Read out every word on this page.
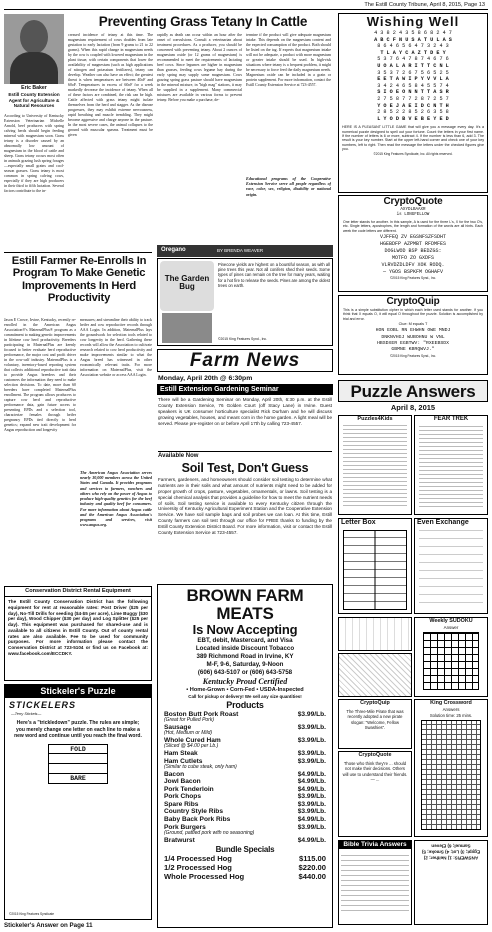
The Estill County Tribune, April 8, 2015, Page 13
Eric Baker
Estill County Extension Agent for Agriculture & Natural Resources
According to University of Kentucky Extension Veterinarian Michelle Arnold, beef producers with spring calving herds should begin feeding mineral with magnesium soon. Grass tetany is a disorder caused by an abnormally low amount of magnesium in the blood of cattle and sheep. Grass tetany occurs most often in animals grazing lush spring forages—especially small grains and cool-season grasses. Grass tetany is most common in spring calving cows, especially if they are high producers in their third to fifth lactation. Several factors contribute to the in-
Preventing Grass Tetany In Cattle
creased incidence of tetany at this time. The magnesium requirement of cows doubles from late gestation to early lactation (from 9 grams to 21 to 22 grams). When this rapid change in magnesium needs by the cow is coupled with lowered magnesium in the plant tissue, with certain components that lower the availability of magnesium (such as high applications of nitrogen and potassium fertilizers), tetany can develop. Weather can also have an effect; the greatest threat is when temperatures are between 40oF and 60oF. Temperatures in excess of 60oF for a week markedly decrease the incidence of tetany. When all of these factors are combined, the risk can be high. Cattle affected with grass tetany might isolate themselves from the herd and stagger. As the disease progresses, they may exhibit extreme nervousness, rapid breathing and muscle trembling. They might become aggressive and charge anyone in the pasture. In the most severe cases, the animal collapses to the ground with muscular spasms. Treatment must be given
rapidly as death can occur within an hour after the onset of convulsions. Consult a veterinarian about treatment procedures. As a producer, you should be concerned with preventing tetany. About 2 ounces of magnesium oxide (or 12 grams of magnesium) is recommended to meet the requirements of lactating beef cows. Since legumes are higher in magnesium than grasses, feeding cows legume hay during the early spring may supply some magnesium. Cows grazing spring grass pasture should have magnesium in the mineral mixture, in "high mag" stations, it may be supplied in a supplement. Many commercial mixtures are available in various forms to prevent tetany. Before you make a purchase, de-
termine if the product will give adequate magnesium intake. This depends on the magnesium content and the expected consumption of the product. Both should be listed on the tag. If experts that magnesium intake will not be adequate, a product with more magnesium or greater intake should be used. In high-risk situations where tetany is a frequent problem, it might be necessary to force feed the daily magnesium needs. Magnesium oxide can be included in a grain or protein supplement. For more information, contact the Estill County Extension Service at 723-4557.
Educational programs of the Cooperative Extension Service serve all people regardless of race, color, sex, religion, disability or national origin.
Oregano	BY BRENDA WEAVER
The Garden Bug
Pinecone yields are highest on a bountiful season, as with all pine trees this year. Not all conifers shed their seeds. Some types of pines can remain on the tree for many years, waiting for a hot fire to release the seeds. Pines are among the oldest trees on earth.
©2015 King Features Synd., Inc.
Wishing Well
4 3 8 2 4 3 5 8 6 8 2 4 7
A B C F N U S A T U L A S
8 6 4 6 5 6 4 7 3 2 4 3
T L A Y C A Z T D E Y
5 3 7 6 4 7 8 7 4 6 7 6
U O A L A R I T T C N L
3 5 3 7 2 6 7 5 6 5 2 5
E E T A W I P Y V V L A
3 4 2 4 6 5 8 4 5 5 7 4
S I O E O N N T T A S R
2 7 5 8 7 7 2 8 7 2 5 7
Y O E J A E I D C N T H
2 8 5 2 2 8 5 2 6 3 5 8
L Y O D B V E B E Y E D
HERE IS A PLEASANT LITTLE GAME that will give you a message every day. It's a numerical puzzle designed to spell out your fortune. Count the letters in your first name. If the number of letters is 6 or more, subtract 4. If the number is less than 6, add 3. The result is your key number. Start at the upper left-hand corner and check one of your key numbers, left to right. Then read the message the letters under the checked figures give you.
©2015 King Features Syndicate, Inc. All rights reserved.
CryptoQuote
AXYDLBAAXR
is LONGFELLOW
One letter stands for another. In this sample, A is used for the three L's, X for the two O's, etc. Single letters, apostrophes, the length and formation of the words are all hints. Each week the code letters are different.
VJFFEQ ZV EGSNFSZFSDHT
HGEBDFP AZPMBT RFDMFES
DOGLWOD BSP BEDZGS:
MOTFO ZO GXDFS
VLRVDZDLDFV XOK RODQ.
— YGOS BSPKFM OGHAFV
©2015 King Features Synd., Inc.
CryptoQuip
This is a simple substitution cipher in which each letter used stands for another. If you think that X equals O, it will equal O throughout the puzzle. Solution is accomplished by trial and error.
Clue: M equals T
HON EOBL RN EHWHN OWE MNDJ
DNKNVHGJ WUBOHNU W VNL
HBSDXER EGBTWV: "RXEEBSDX
GBMNE KBRQWVJ."
©2015 King Features Synd., Inc.
Estill Farmer Re-Enrolls In Program To Make Genetic Improvements In Herd Productivity
Jason E Crowe, Irvine, Kentucky, recently re-enrolled in the American Angus Association®'s MaternalPlus® program as a commitment to making genetic improvements in lifetime cow herd productivity. Breeders participating in MaternalPlus are keenly focused to better evaluate herd reproductive performance, the major cost and profit driver in the cow-calf industry. MaternalPlus is a voluntary, inventory-based reporting system that collects additional reproductive trait data to provide Angus breeders and their customers the information they need to make selection decisions. To date, more than 60 breeders have completed MaternalPlus enrollment. The program allows producers to capture cow herd and reproductive performance data, gain future access to presenting EPDs and a selection tool, characterize females through heifer pregnancy EPDs tied directly to herd genetics; expand new trait development for Angus reproduction and longevity
measures; and streamline their ability to track heifer and cow reproductive records through AAA Login. In addition, MaternalPlus lays the groundwork for selection tools related to cow longevity in the herd. Gathering these records will allow the Association to cultivate research related to cow herd productivity and make improvements similar to what the Angus breed has witnessed in other economically relevant traits. For more information on MaternalPlus, visit the Association website or access AAA Login.
The American Angus Association serves nearly 30,000 members across the United States and Canada. It provides programs and services to farmers, ranchers and others who rely on the power of Angus to produce high-quality genetics for the beef industry and quality beef for consumers. For more information about Angus cattle and the American Angus Association's programs and services, visit www.angus.org.
Farm News
Monday, April 20th @ 6:30pm
Estill Extension Gardening Seminar
There will be a Gardening Seminar on Monday, April 20th, 6:30 p.m. at the Estill County Extension Service, 76 Golden Court (off Stacy Lane) in Irvine. Guest speakers is UK consumer horticulture specialist Rick Durham and he will discuss growing vegetables, houses, and meant corn in the home garden. A light meal will be served. Please pre-register on or before April 17th by calling 723-4557.
Available Now
Soil Test, Don't Guess
Farmers, gardeners, and homeowners should consider soil testing to determine what nutrients are in their soils and what amount of nutrients might need to be added for proper growth of crops, pasture, vegetables, ornamentals, or lawns. Soil testing is a special chemical analysis that provides a guideline for how to meet the nutrient needs of soils. Soil testing service is available to every Kentucky citizen through the University of Kentucky Agricultural Experiment Station and the Cooperative Extension Service. We have soil sample bags and soil probes we can loan. At this time, Estill County farmers can soil test through our office for FREE thanks to funding by the Estill County Extension District Board. For more information, visit or contact the Estill County Extension Service at 723-4557.
Conservation District Rental Equipment
The Estill County Conservation District has the following equipment for rent at reasonable rates: Post Driver ($25 per day), No-Till Drills for seeding ($4-$5 per acre), Lime Buggy ($30 per day), Wood Chipper ($30 per day) and Log Splitter ($25 per day). This equipment was purchased for shared-use and is available to all citizens in Estill County. Out of county rental rates are also available. Fee to be used for community purposes. For more information please contact the Conservation District at 723-5104 or find us on Facebook at: www.facebook.com/ECCDKY.
Stickeler's Puzzle
STICKELERS
—Terry Stickels—
Here's a "trickledown" puzzle. The rules are simple; you merely change one letter on each line to make a new word and continue until you reach the final word.
FOLD
BARE
©2015 King Features Syndicate
Stickeler's Answer on Page 11
BROWN FARM MEATS
Is Now Accepting
EBT, debit, Mastercard, and Visa
Located inside Discount Tobacco
389 Richmond Road in Irvine, KY
M-F, 9-6, Saturday, 9-Noon
(606) 643-5107 or (606) 643-5758
Kentucky Proud Certified
• Home-Grown • Corn-Fed • USDA-Inspected
Call for pickup or delivery! We sell any size quantities!
Products
Boston Butt Pork Roast	$3.99/Lb.
(Great for Pulled Pork)
Sausage	$3.99/Lb.
(Hot, Medium or Mild)
Whole Cured Ham	$3.99/Lb.
(Sliced @ $4.00 per Lb.)
Ham Steak	$3.99/Lb.
Ham Cutlets	$3.99/Lb.
(Similar to cube steak, only ham)
Bacon	$4.99/Lb.
Jowl Bacon	$4.99/Lb.
Pork Tenderloin	$4.99/Lb.
Pork Chops	$3.99/Lb.
Spare Ribs	$3.99/Lb.
Country Style Ribs	$3.99/Lb.
Baby Back Pork Ribs	$4.99/Lb.
Pork Burgers	$3.99/Lb.
(Ground, pattied pork with no seasoning)
Bratwurst	$4.99/Lb.
Bundle Specials
1/4 Processed Hog	$115.00
1/2 Processed Hog	$220.00
Whole Processed Hog	$440.00
Puzzle Answers
April 8, 2015
Puzzles4Kids	FEAR TREK
Letter Box	Even Exchange
Weekly SUDOKU
Answer
CryptoQuip
The Three-Mile Pirate that was recently adopted a new pirate slogan: "Welcome, Fellow Swashies".
King Crossword
Answers
Solution time: 25 mins.
CryptoQuote
Those who think they're ... should not make their decisions. Others will use to understand their friends. — ...
Bible Trivia Answers
ANSWERS: 1) Neither; 2) Egypt; 3) Lot; 4) Smoke; 5) Samuel; 6) Eleven
